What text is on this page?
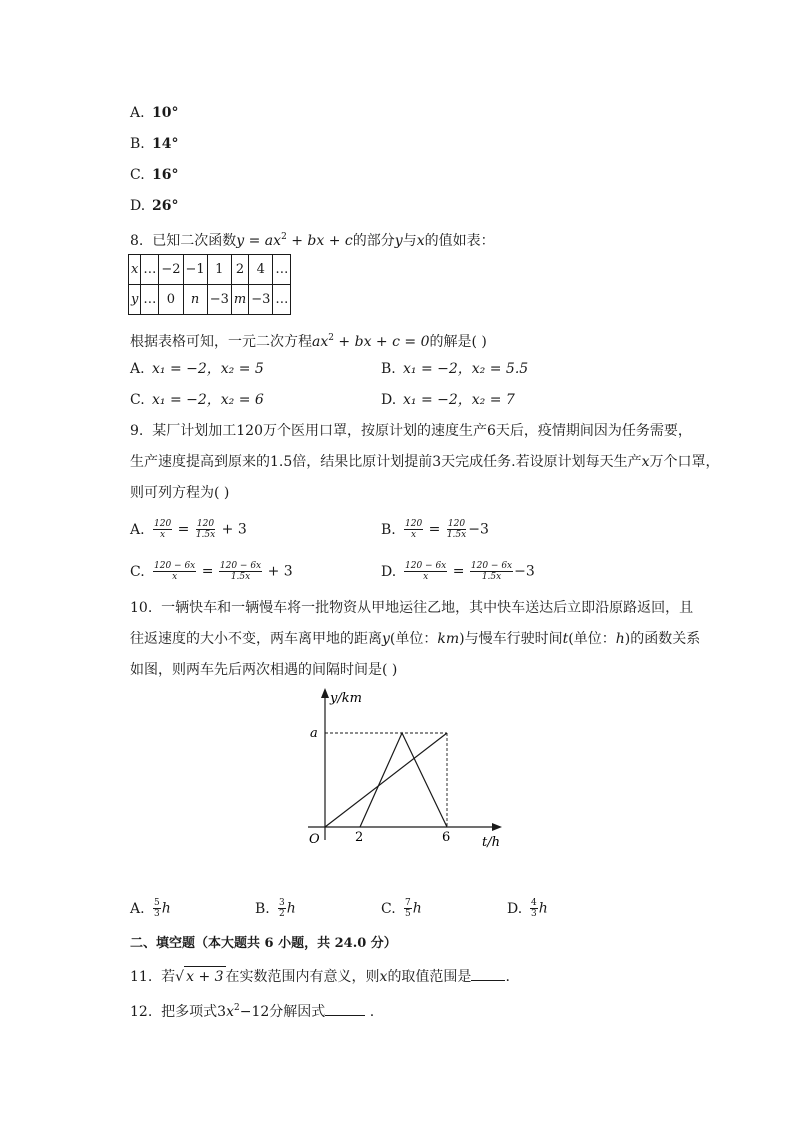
A. 10°
B. 14°
C. 16°
D. 26°
8. 已知二次函数$y = ax^2$ + bx + c的部分y与x的值如表：
x	…	−2	−1	1	2	4	…
y	…	0	n	−3	m	−3	…
根据表格可知，一元二次方程$ax^2$ + bx + c = 0的解是( )
A. x₁ = −2，x₂ = 5	B. x₁ = −2，x₂ = 5.5
C. x₁ = −2，x₂ = 6	D. x₁ = −2，x₂ = 7
9. 某厂计划加工120万个医用口罩，按原计划的速度生产6天后，疫情期间因为任务需要，
生产速度提高到原来的1.5倍，结果比原计划提前3天完成任务.若设原计划每天生产x万个口罩，
则可列方程为( )
A. $\frac{120}{x} = \frac{120}{1.5x} + 3$	B. $\frac{120}{x} = \frac{120}{1.5x} -3$
C. $\frac{120 - 6x}{x} = \frac{120 - 6x}{1.5x} + 3$	D. $\frac{120 - 6x}{x} = \frac{120 - 6x}{1.5x} -3$
10. 一辆快车和一辆慢车将一批物资从甲地运往乙地，其中快车送达后立即沿原路返回，且
往返速度的大小不变，两车离甲地的距离y(单位：km)与慢车行驶时间t(单位：h)的函数关系
如图，则两车先后两次相遇的间隔时间是( )
y/km
t/h
O
a
2	6
A. $\frac{5}{3}$ h	B. $\frac{3}{2}$ h	C. $\frac{7}{5}$ h	D. $\frac{4}{3}$ h
二、填空题（本大题共 6 小题，共 24.0 分）
11. 若√ x + 3 在实数范围内有意义，则x的取值范围是 .
12. 把多项式$3x^2-12$分解因式	.
